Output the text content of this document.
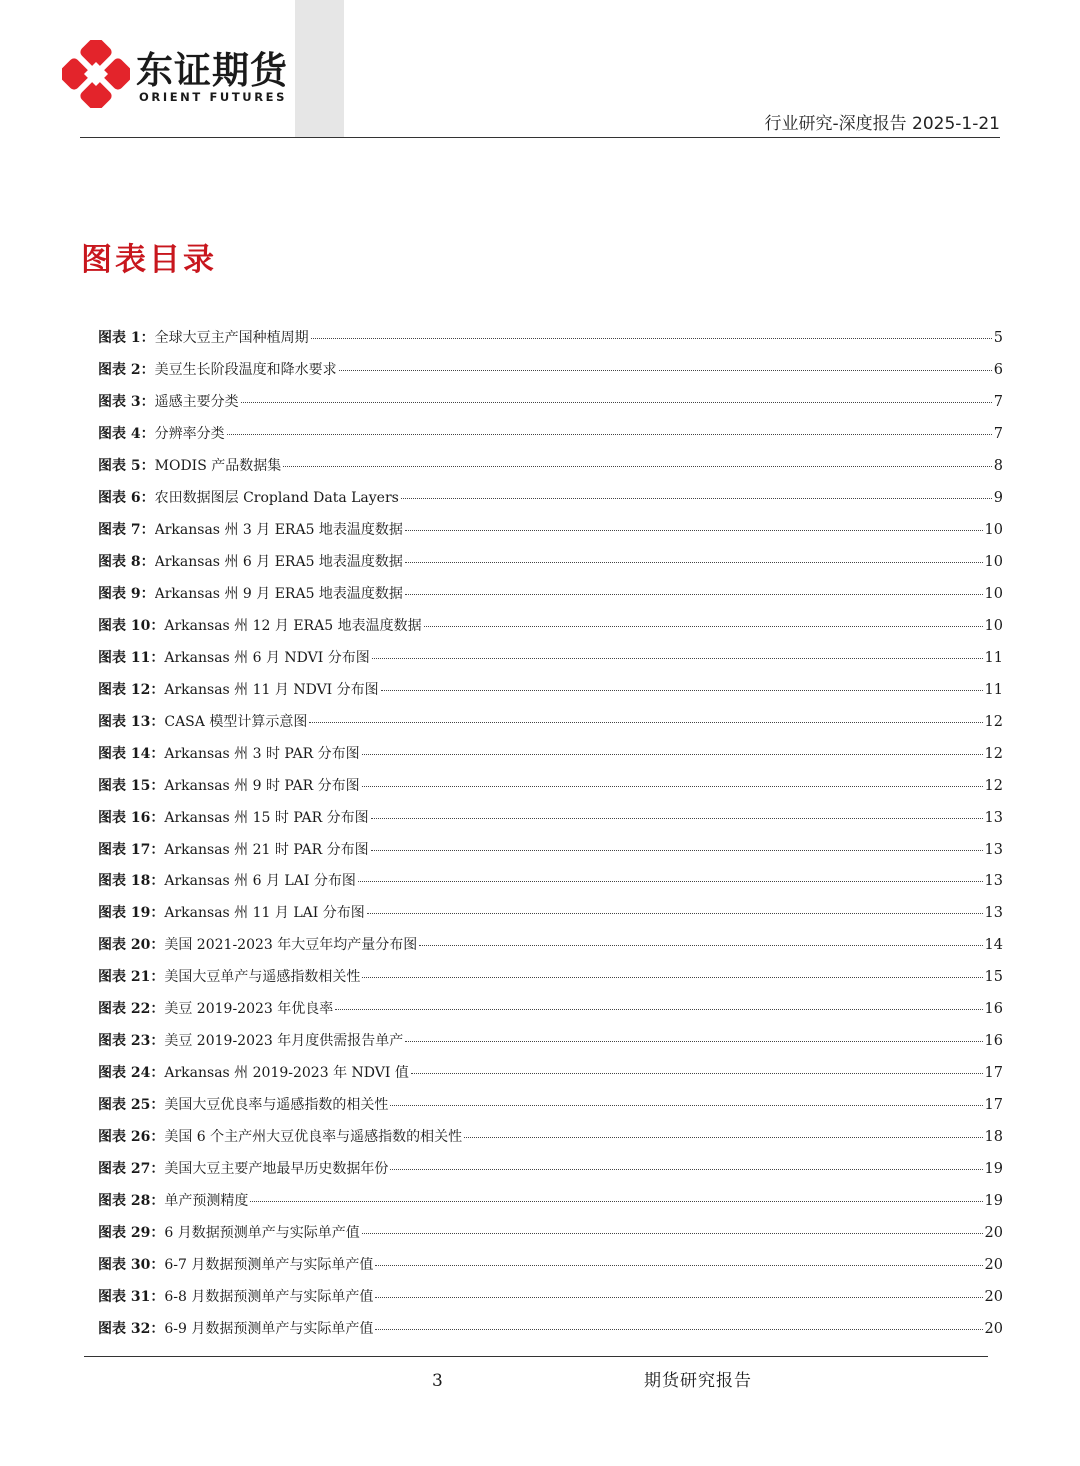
东证期货
ORIENT FUTURES
行业研究-深度报告 2025-1-21
图表目录
图表 1： 全球大豆主产国种植周期	5
图表 2： 美豆生长阶段温度和降水要求	6
图表 3： 遥感主要分类	7
图表 4： 分辨率分类	7
图表 5： MODIS 产品数据集	8
图表 6： 农田数据图层 Cropland Data Layers	9
图表 7： Arkansas 州 3 月 ERA5 地表温度数据	10
图表 8： Arkansas 州 6 月 ERA5 地表温度数据	10
图表 9： Arkansas 州 9 月 ERA5 地表温度数据	10
图表 10： Arkansas 州 12 月 ERA5 地表温度数据	10
图表 11： Arkansas 州 6 月 NDVI 分布图	11
图表 12： Arkansas 州 11 月 NDVI 分布图	11
图表 13： CASA 模型计算示意图	12
图表 14： Arkansas 州 3 时 PAR 分布图	12
图表 15： Arkansas 州 9 时 PAR 分布图	12
图表 16： Arkansas 州 15 时 PAR 分布图	13
图表 17： Arkansas 州 21 时 PAR 分布图	13
图表 18： Arkansas 州 6 月 LAI 分布图	13
图表 19： Arkansas 州 11 月 LAI 分布图	13
图表 20： 美国 2021-2023 年大豆年均产量分布图	14
图表 21： 美国大豆单产与遥感指数相关性	15
图表 22： 美豆 2019-2023 年优良率	16
图表 23： 美豆 2019-2023 年月度供需报告单产	16
图表 24： Arkansas 州 2019-2023 年 NDVI 值	17
图表 25： 美国大豆优良率与遥感指数的相关性	17
图表 26： 美国 6 个主产州大豆优良率与遥感指数的相关性	18
图表 27： 美国大豆主要产地最早历史数据年份	19
图表 28： 单产预测精度	19
图表 29： 6 月数据预测单产与实际单产值	20
图表 30： 6-7 月数据预测单产与实际单产值	20
图表 31： 6-8 月数据预测单产与实际单产值	20
图表 32： 6-9 月数据预测单产与实际单产值	20
3	期货研究报告
